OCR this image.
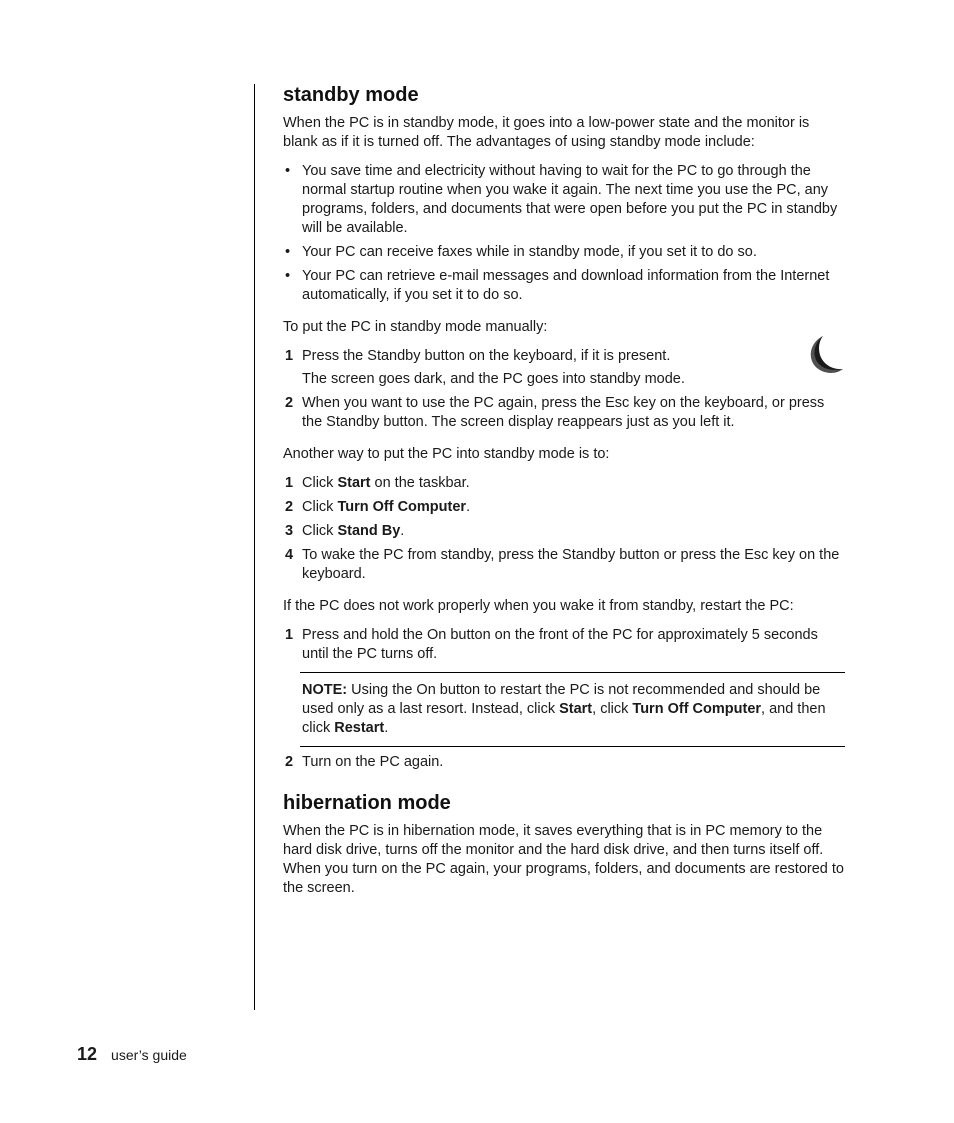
standby mode

When the PC is in standby mode, it goes into a low-power state and the monitor is blank as if it is turned off. The advantages of using standby mode include:

• You save time and electricity without having to wait for the PC to go through the normal startup routine when you wake it again. The next time you use the PC, any programs, folders, and documents that were open before you put the PC in standby will be available.
• Your PC can receive faxes while in standby mode, if you set it to do so.
• Your PC can retrieve e-mail messages and download information from the Internet automatically, if you set it to do so.

To put the PC in standby mode manually:

1 Press the Standby button on the keyboard, if it is present.
The screen goes dark, and the PC goes into standby mode.
2 When you want to use the PC again, press the Esc key on the keyboard, or press the Standby button. The screen display reappears just as you left it.

Another way to put the PC into standby mode is to:

1 Click Start on the taskbar.
2 Click Turn Off Computer.
3 Click Stand By.
4 To wake the PC from standby, press the Standby button or press the Esc key on the keyboard.

If the PC does not work properly when you wake it from standby, restart the PC:

1 Press and hold the On button on the front of the PC for approximately 5 seconds until the PC turns off.
NOTE: Using the On button to restart the PC is not recommended and should be used only as a last resort. Instead, click Start, click Turn Off Computer, and then click Restart.
2 Turn on the PC again.
hibernation mode

When the PC is in hibernation mode, it saves everything that is in PC memory to the hard disk drive, turns off the monitor and the hard disk drive, and then turns itself off. When you turn on the PC again, your programs, folders, and documents are restored to the screen.

12 user’s guide
